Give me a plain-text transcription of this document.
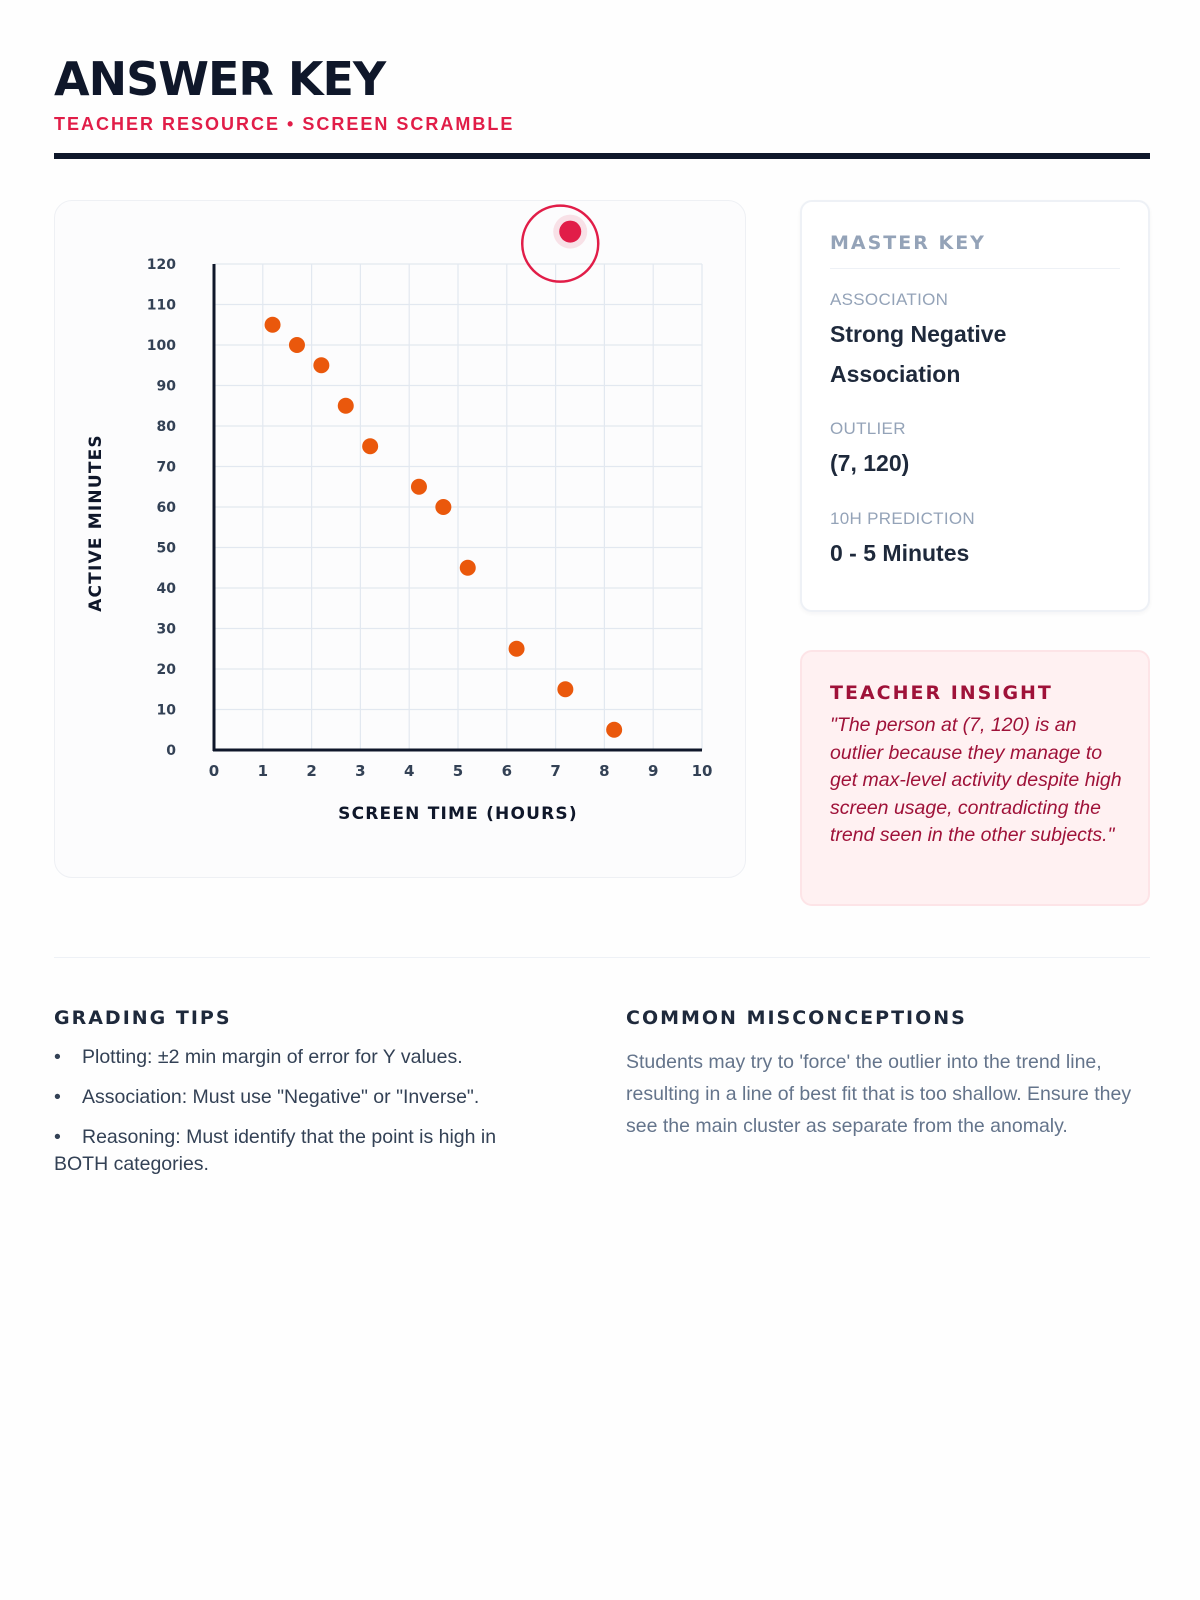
ANSWER KEY
TEACHER RESOURCE • SCREEN SCRAMBLE
0	1	2	3	4	5	6	7	8	9 10
0
10
20
30
40
50
60
70
80
90
100
110
120
SCREEN TIME (HOURS)
ACTIVE MINUTES
MASTER KEY
ASSOCIATION
Strong Negative Association
OUTLIER
(7, 120)
10H PREDICTION
0 - 5 Minutes
TEACHER INSIGHT

"The person at (7, 120) is an outlier because they manage to get max-level activity despite high screen usage, contradicting the trend seen in the other subjects."

GRADING TIPS
• Plotting: ±2 min margin of error for Y values.
• Association: Must use "Negative" or "Inverse".
• Reasoning: Must identify that the point is high in BOTH categories.
COMMON MISCONCEPTIONS

Students may try to 'force' the outlier into the trend line, resulting in a line of best fit that is too shallow. Ensure they see the main cluster as separate from the anomaly.
